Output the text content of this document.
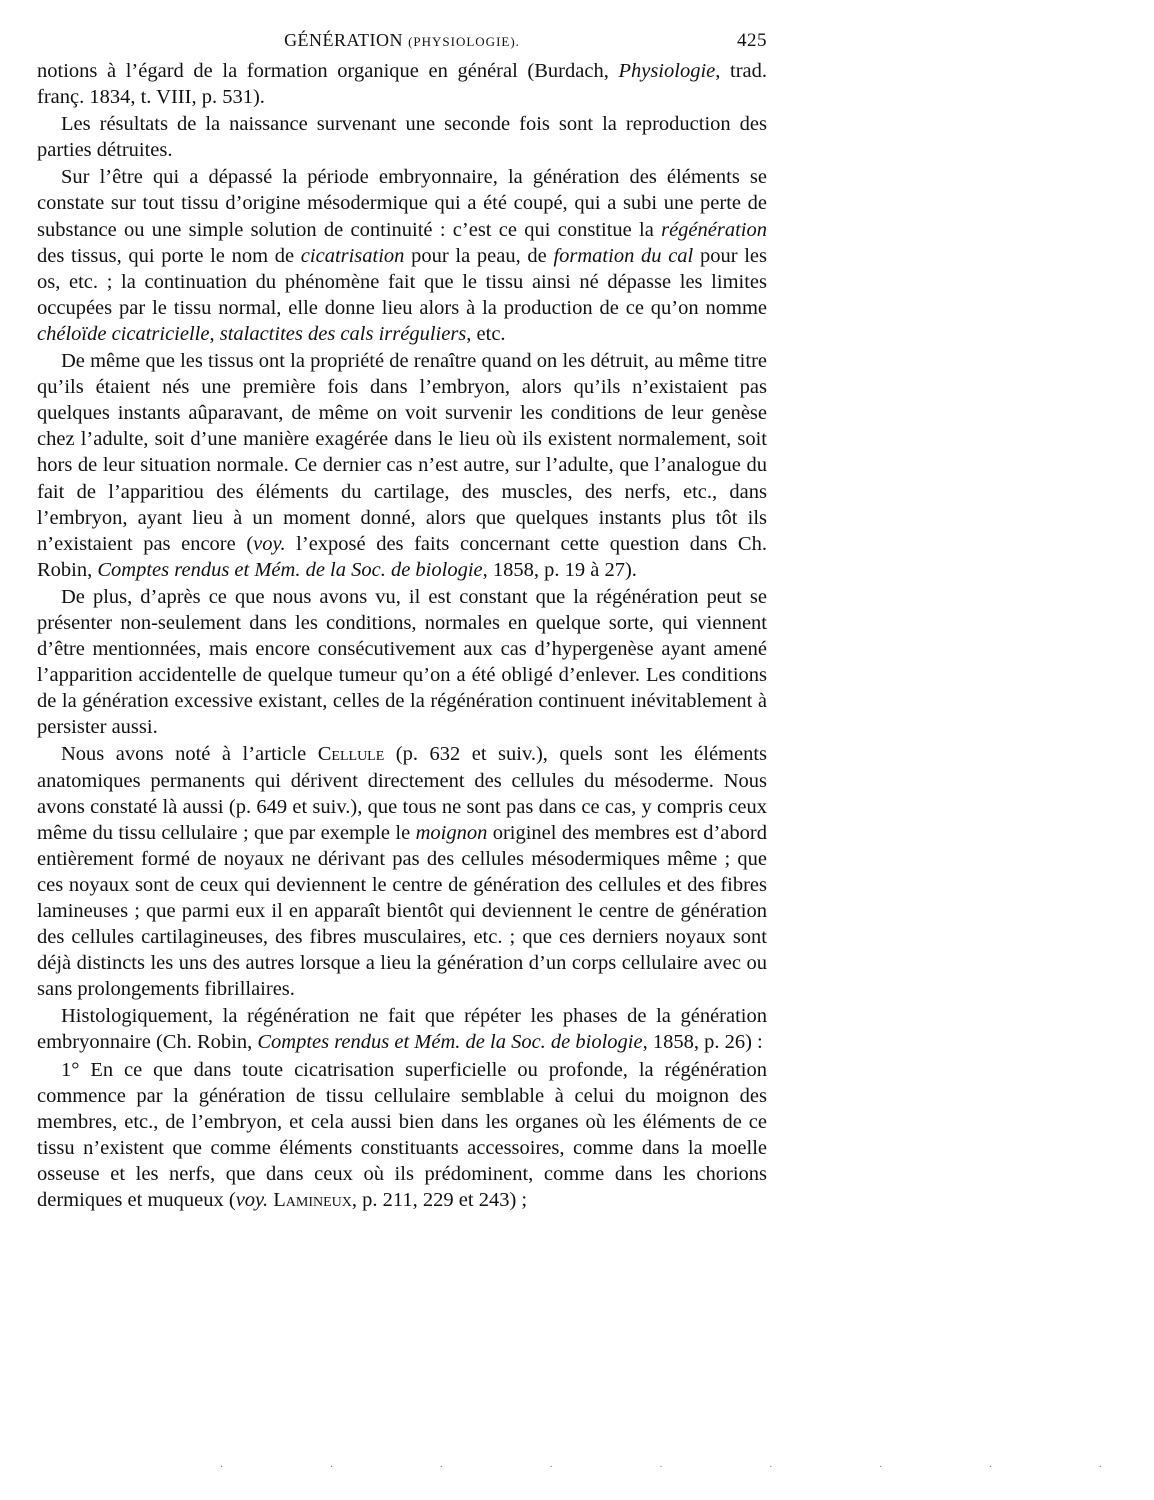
GÉNÉRATION (PHYSIOLOGIE).	425

notions à l’égard de la formation organique en général (Burdach, Physiologie, trad. franç. 1834, t. VIII, p. 531).

Les résultats de la naissance survenant une seconde fois sont la reproduction des parties détruites.

Sur l’être qui a dépassé la période embryonnaire, la génération des éléments se constate sur tout tissu d’origine mésodermique qui a été coupé, qui a subi une perte de substance ou une simple solution de continuité : c’est ce qui constitue la régénération des tissus, qui porte le nom de cicatrisation pour la peau, de formation du cal pour les os, etc. ; la continuation du phénomène fait que le tissu ainsi né dépasse les limites occupées par le tissu normal, elle donne lieu alors à la production de ce qu’on nomme chéloïde cicatricielle, stalactites des cals irréguliers, etc.

De même que les tissus ont la propriété de renaître quand on les détruit, au même titre qu’ils étaient nés une première fois dans l’embryon, alors qu’ils n’existaient pas quelques instants aûparavant, de même on voit survenir les conditions de leur genèse chez l’adulte, soit d’une manière exagérée dans le lieu où ils existent normalement, soit hors de leur situation normale. Ce dernier cas n’est autre, sur l’adulte, que l’analogue du fait de l’apparitiou des éléments du cartilage, des muscles, des nerfs, etc., dans l’embryon, ayant lieu à un moment donné, alors que quelques instants plus tôt ils n’existaient pas encore (voy. l’exposé des faits concernant cette question dans Ch. Robin, Comptes rendus et Mém. de la Soc. de biologie, 1858, p. 19 à 27).

De plus, d’après ce que nous avons vu, il est constant que la régénération peut se présenter non-seulement dans les conditions, normales en quelque sorte, qui viennent d’être mentionnées, mais encore consécutivement aux cas d’hypergenèse ayant amené l’apparition accidentelle de quelque tumeur qu’on a été obligé d’enlever. Les conditions de la génération excessive existant, celles de la régénération continuent inévitablement à persister aussi.

Nous avons noté à l’article Cellule (p. 632 et suiv.), quels sont les éléments anatomiques permanents qui dérivent directement des cellules du mésoderme. Nous avons constaté là aussi (p. 649 et suiv.), que tous ne sont pas dans ce cas, y compris ceux même du tissu cellulaire ; que par exemple le moignon originel des membres est d’abord entièrement formé de noyaux ne dérivant pas des cellules mésodermiques même ; que ces noyaux sont de ceux qui deviennent le centre de génération des cellules et des fibres lamineuses ; que parmi eux il en apparaît bientôt qui deviennent le centre de génération des cellules cartilagineuses, des fibres musculaires, etc. ; que ces derniers noyaux sont déjà distincts les uns des autres lorsque a lieu la génération d’un corps cellulaire avec ou sans prolongements fibrillaires.

Histologiquement, la régénération ne fait que répéter les phases de la génération embryonnaire (Ch. Robin, Comptes rendus et Mém. de la Soc. de biologie, 1858, p. 26) :

1° En ce que dans toute cicatrisation superficielle ou profonde, la régénération commence par la génération de tissu cellulaire semblable à celui du moignon des membres, etc., de l’embryon, et cela aussi bien dans les organes où les éléments de ce tissu n’existent que comme éléments constituants accessoires, comme dans la moelle osseuse et les nerfs, que dans ceux où ils prédominent, comme dans les chorions dermiques et muqueux (voy. Lamineux, p. 211, 229 et 243) ;

· · · · · · · · ·
